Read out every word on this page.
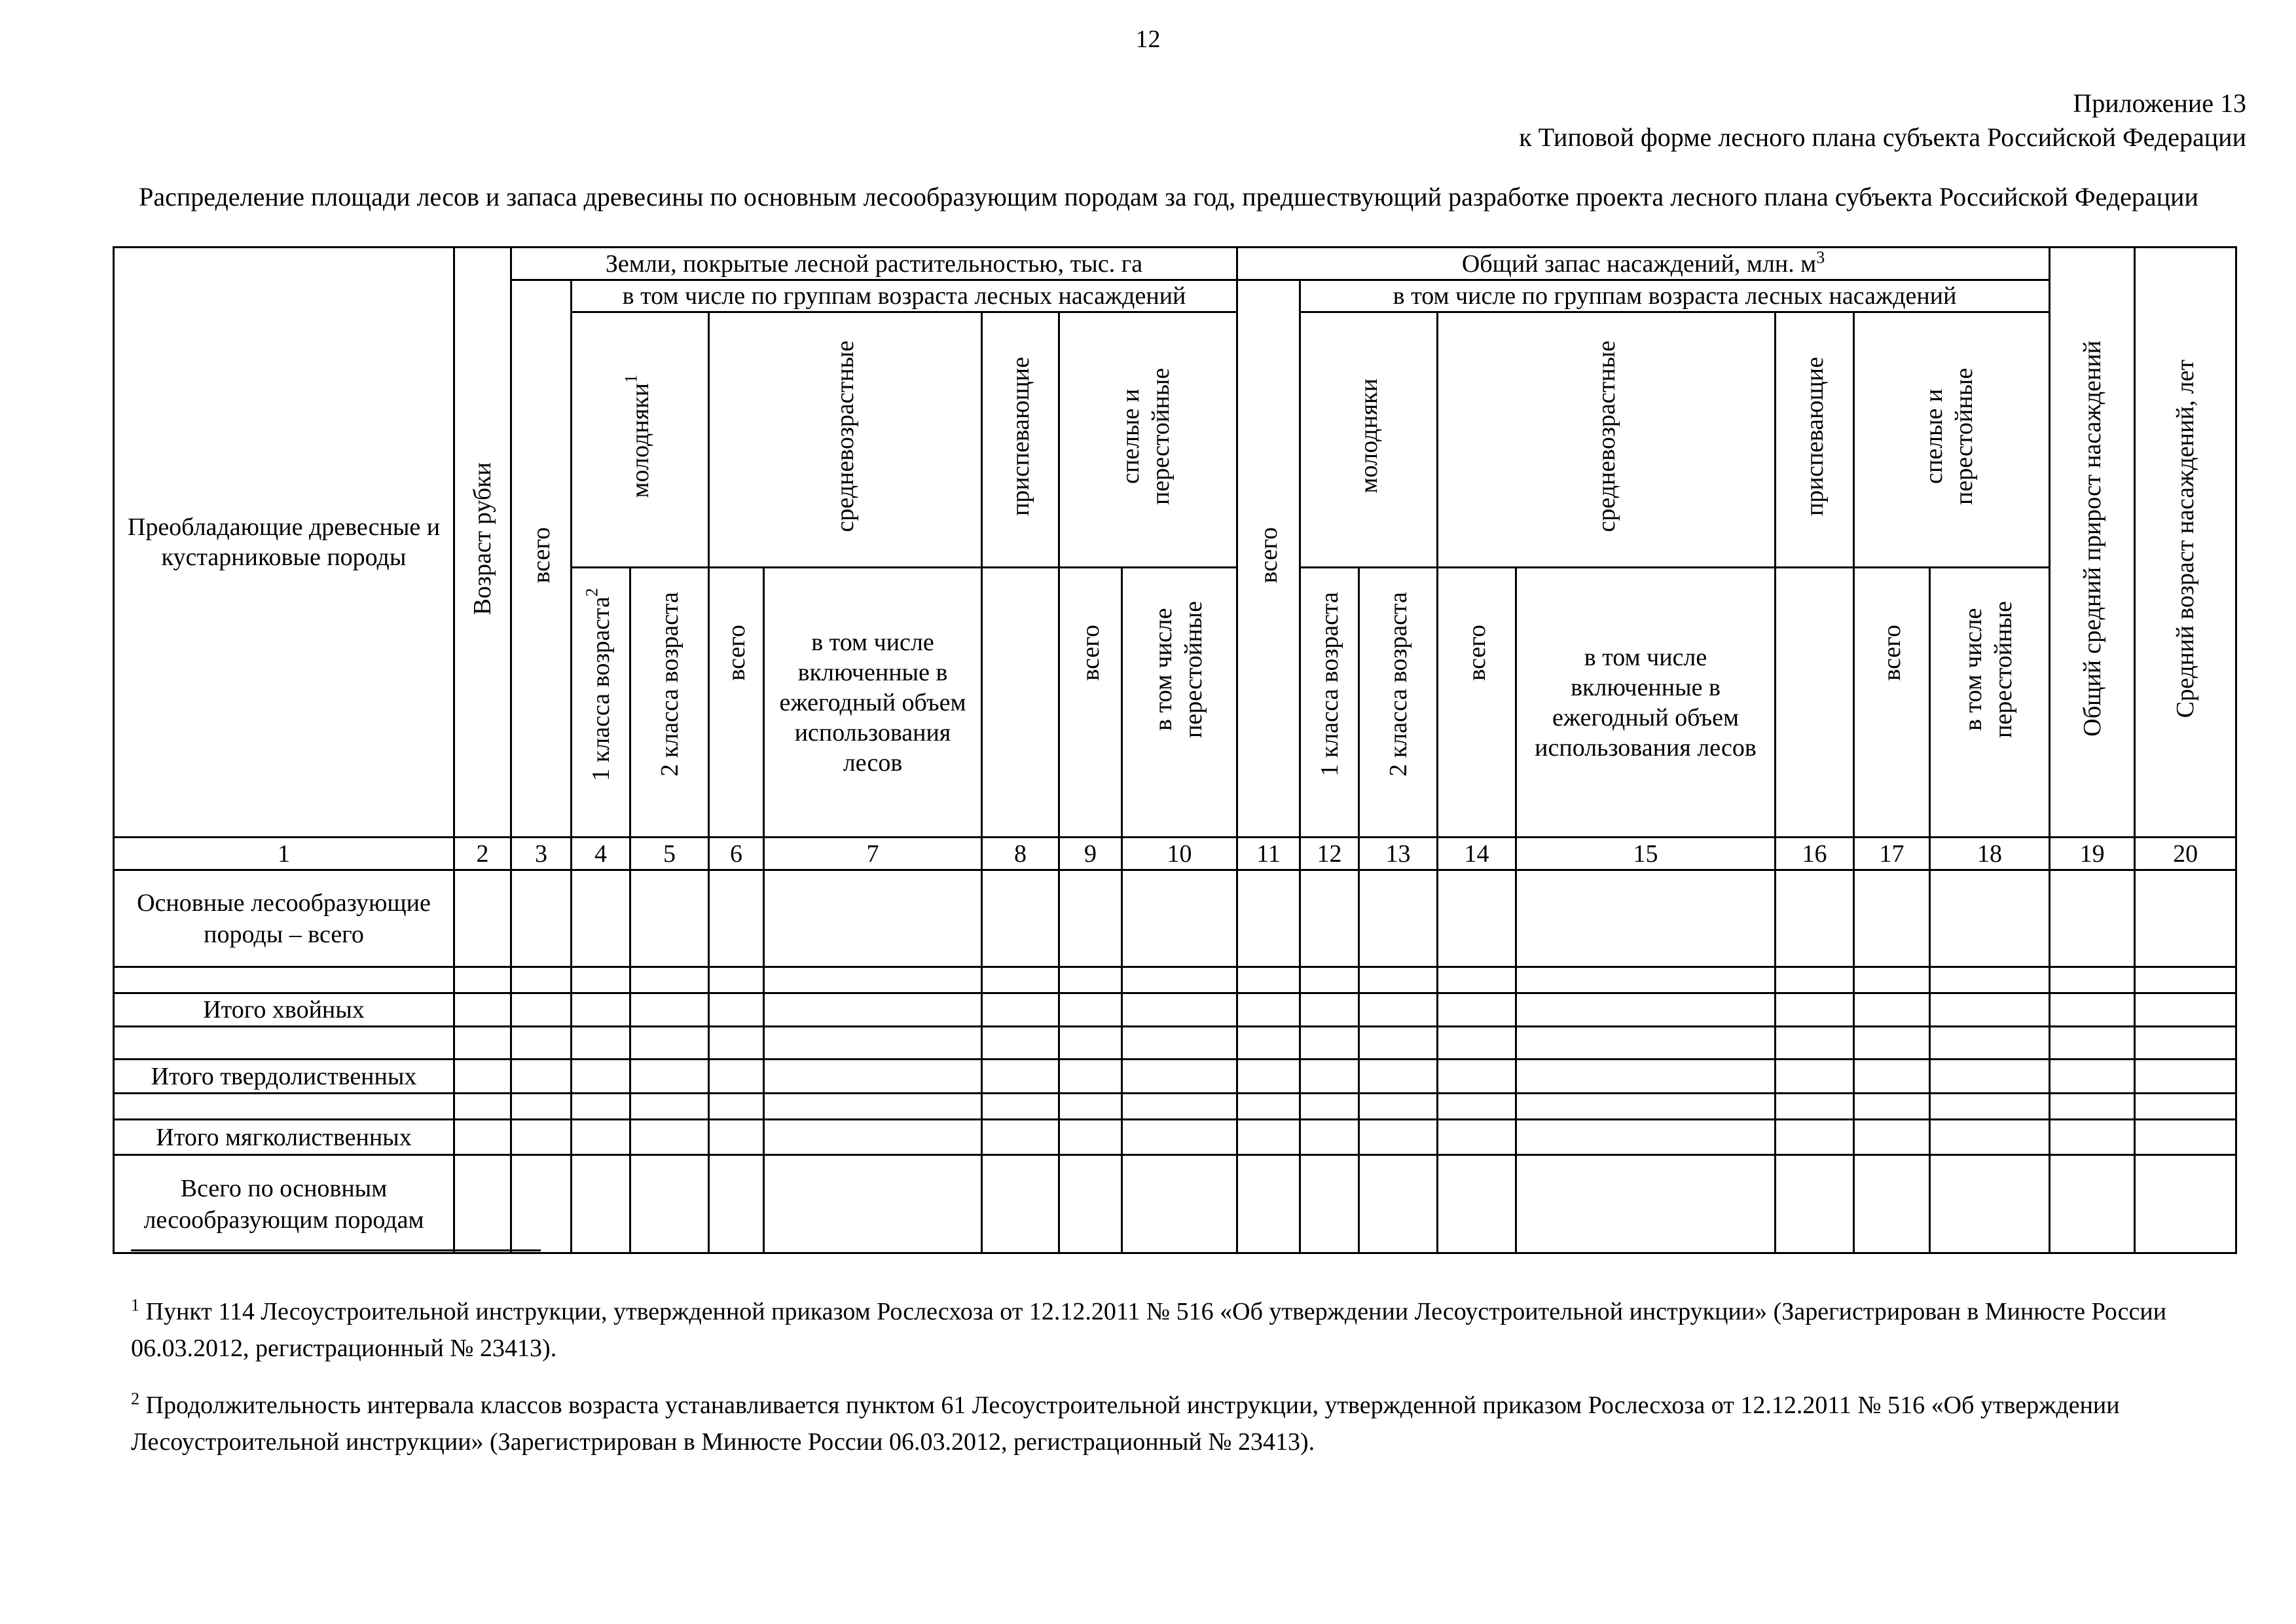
12
Приложение 13
к Типовой форме лесного плана субъекта Российской Федерации
Распределение площади лесов и запаса древесины по основным лесообразующим породам за год, предшествующий разработке проекта лесного плана субъекта Российской Федерации
Преобладающие древесные и кустарниковые породы	Возраст рубки	Земли, покрытые лесной растительностью, тыс. га								Общий запас насаждений, млн. $м^3$								Общий средний прирост насаждений	Средний возраст насаждений, лет
		всего	в том числе по группам возраста лесных насаждений							всего	в том числе по группам возраста лесных насаждений								
			молодняки$^1$		средневозрастные		приспевающие	спелые и перестойные			молодняки		средневозрастные		приспевающие	спелые и перестойные			
			1 класса возраста$^2$	2 класса возраста	всего	в том числе включенные в ежегодный объем использования лесов		всего	в том числе перестойные		1 класса возраста	2 класса возраста	всего	в том числе включенные в ежегодный объем использования лесов		всего	в том числе перестойные		
1	2	3	4	5	6	7	8	9	10	11	12	13	14	15	16	17	18	19	20
Основные лесообразующие породы – всего																			

Итого хвойных																			

Итого твердолиственных																			

Итого мягколиственных																			
Всего по основным лесообразующим породам																			
$^1$ Пункт 114 Лесоустроительной инструкции, утвержденной приказом Рослесхоза от 12.12.2011 № 516 «Об утверждении Лесоустроительной инструкции» (Зарегистрирован в Минюсте России 06.03.2012, регистрационный № 23413).
$^2$ Продолжительность интервала классов возраста устанавливается пунктом 61 Лесоустроительной инструкции, утвержденной приказом Рослесхоза от 12.12.2011 № 516 «Об утверждении Лесоустроительной инструкции» (Зарегистрирован в Минюсте России 06.03.2012, регистрационный № 23413).
